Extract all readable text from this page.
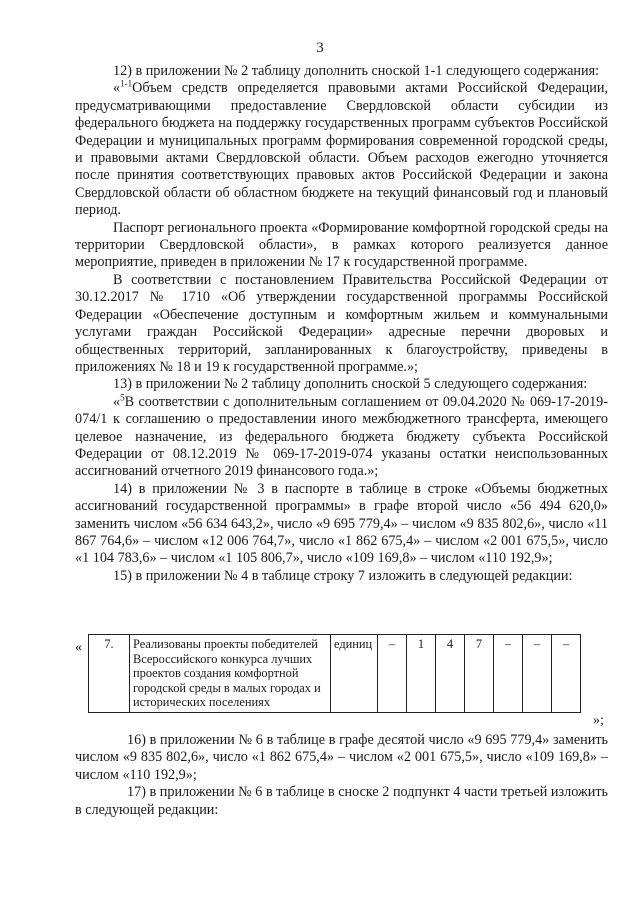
3

12) в приложении № 2 таблицу дополнить сноской 1-1 следующего содержания:

«$^{1-1}$Объем средств определяется правовыми актами Российской Федерации, предусматривающими предоставление Свердловской области субсидии из федерального бюджета на поддержку государственных программ субъектов Российской Федерации и муниципальных программ формирования современной городской среды, и правовыми актами Свердловской области. Объем расходов ежегодно уточняется после принятия соответствующих правовых актов Российской Федерации и закона Свердловской области об областном бюджете на текущий финансовый год и плановый период.

Паспорт регионального проекта «Формирование комфортной городской среды на территории Свердловской области», в рамках которого реализуется данное мероприятие, приведен в приложении № 17 к государственной программе.

В соответствии с постановлением Правительства Российской Федерации от 30.12.2017 № 1710 «Об утверждении государственной программы Российской Федерации «Обеспечение доступным и комфортным жильем и коммунальными услугами граждан Российской Федерации» адресные перечни дворовых и общественных территорий, запланированных к благоустройству, приведены в приложениях № 18 и 19 к государственной программе.»;

13) в приложении № 2 таблицу дополнить сноской 5 следующего содержания:

«$^5$В соответствии с дополнительным соглашением от 09.04.2020 № 069-17-2019-074/1 к соглашению о предоставлении иного межбюджетного трансферта, имеющего целевое назначение, из федерального бюджета бюджету субъекта Российской Федерации от 08.12.2019 № 069-17-2019-074 указаны остатки неиспользованных ассигнований отчетного 2019 финансового года.»;

14) в приложении № 3 в паспорте в таблице в строке «Объемы бюджетных ассигнований государственной программы» в графе второй число «56 494 620,0» заменить числом «56 634 643,2», число «9 695 779,4» – числом «9 835 802,6», число «11 867 764,6» – числом «12 006 764,7», число «1 862 675,4» – числом «2 001 675,5», число «1 104 783,6» – числом «1 105 806,7», число «109 169,8» – числом «110 192,9»;

15) в приложении № 4 в таблице строку 7 изложить в следующей редакции:

« 7.	Реализованы проекты победителей Всероссийского конкурса лучших проектов создания комфортной городской среды в малых городах и исторических поселениях	единиц	–	1	4	7	–	–	–
»;

16) в приложении № 6 в таблице в графе десятой число «9 695 779,4» заменить числом «9 835 802,6», число «1 862 675,4» – числом «2 001 675,5», число «109 169,8» – числом «110 192,9»;

17) в приложении № 6 в таблице в сноске 2 подпункт 4 части третьей изложить в следующей редакции:
